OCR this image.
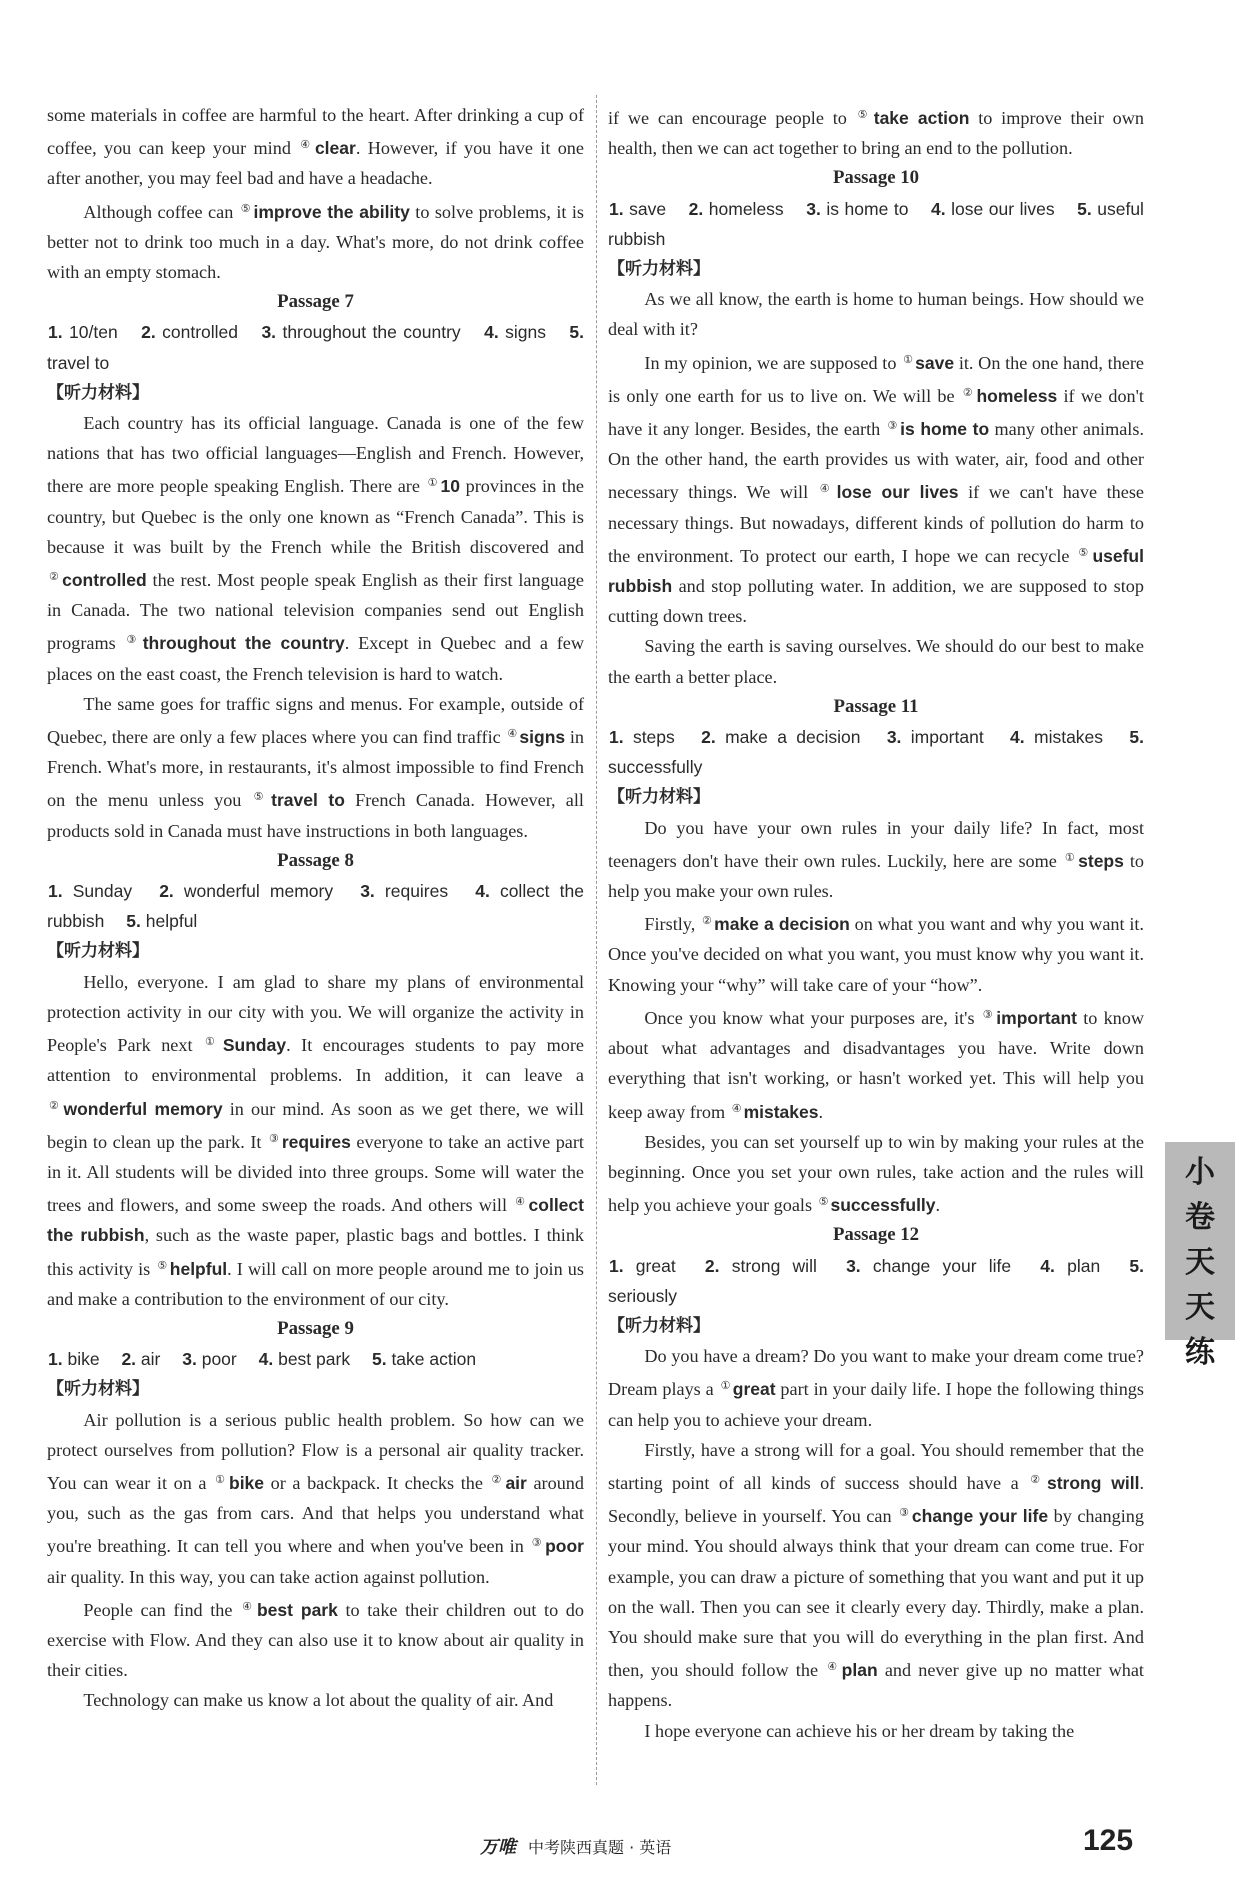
some materials in coffee are harmful to the heart. After drinking a cup of coffee, you can keep your mind ④ clear. However, if you have it one after another, you may feel bad and have a headache.

Although coffee can ⑤ improve the ability to solve problems, it is better not to drink too much in a day. What's more, do not drink coffee with an empty stomach.

Passage 7

1. 10/ten 2. controlled 3. throughout the country 4. signs 5. travel to

【听力材料】

Each country has its official language. Canada is one of the few nations that has two official languages—English and French. However, there are more people speaking English. There are ① 10 provinces in the country, but Quebec is the only one known as “French Canada”. This is because it was built by the French while the British discovered and ② controlled the rest. Most people speak English as their first language in Canada. The two national television companies send out English programs ③ throughout the country. Except in Quebec and a few places on the east coast, the French television is hard to watch.

The same goes for traffic signs and menus. For example, outside of Quebec, there are only a few places where you can find traffic ④ signs in French. What's more, in restaurants, it's almost impossible to find French on the menu unless you ⑤ travel to French Canada. However, all products sold in Canada must have instructions in both languages.

Passage 8

1. Sunday 2. wonderful memory 3. requires 4. collect the rubbish 5. helpful

【听力材料】

Hello, everyone. I am glad to share my plans of environmental protection activity in our city with you. We will organize the activity in People's Park next ① Sunday. It encourages students to pay more attention to environmental problems. In addition, it can leave a ② wonderful memory in our mind. As soon as we get there, we will begin to clean up the park. It ③ requires everyone to take an active part in it. All students will be divided into three groups. Some will water the trees and flowers, and some sweep the roads. And others will ④ collect the rubbish, such as the waste paper, plastic bags and bottles. I think this activity is ⑤ helpful. I will call on more people around me to join us and make a contribution to the environment of our city.

Passage 9

1. bike 2. air 3. poor 4. best park 5. take action

【听力材料】

Air pollution is a serious public health problem. So how can we protect ourselves from pollution? Flow is a personal air quality tracker. You can wear it on a ① bike or a backpack. It checks the ② air around you, such as the gas from cars. And that helps you understand what you're breathing. It can tell you where and when you've been in ③ poor air quality. In this way, you can take action against pollution.

People can find the ④ best park to take their children out to do exercise with Flow. And they can also use it to know about air quality in their cities.

Technology can make us know a lot about the quality of air. And

if we can encourage people to ⑤ take action to improve their own health, then we can act together to bring an end to the pollution.

Passage 10

1. save 2. homeless 3. is home to 4. lose our lives 5. useful rubbish

【听力材料】

As we all know, the earth is home to human beings. How should we deal with it?

In my opinion, we are supposed to ① save it. On the one hand, there is only one earth for us to live on. We will be ② homeless if we don't have it any longer. Besides, the earth ③ is home to many other animals. On the other hand, the earth provides us with water, air, food and other necessary things. We will ④ lose our lives if we can't have these necessary things. But nowadays, different kinds of pollution do harm to the environment. To protect our earth, I hope we can recycle ⑤ useful rubbish and stop polluting water. In addition, we are supposed to stop cutting down trees.

Saving the earth is saving ourselves. We should do our best to make the earth a better place.

Passage 11

1. steps 2. make a decision 3. important 4. mistakes 5. successfully

【听力材料】

Do you have your own rules in your daily life? In fact, most teenagers don't have their own rules. Luckily, here are some ① steps to help you make your own rules.

Firstly, ② make a decision on what you want and why you want it. Once you've decided on what you want, you must know why you want it. Knowing your “why” will take care of your “how”.

Once you know what your purposes are, it's ③ important to know about what advantages and disadvantages you have. Write down everything that isn't working, or hasn't worked yet. This will help you keep away from ④ mistakes.

Besides, you can set yourself up to win by making your rules at the beginning. Once you set your own rules, take action and the rules will help you achieve your goals ⑤ successfully.

Passage 12

1. great 2. strong will 3. change your life 4. plan 5. seriously

【听力材料】

Do you have a dream? Do you want to make your dream come true? Dream plays a ① great part in your daily life. I hope the following things can help you to achieve your dream.

Firstly, have a strong will for a goal. You should remember that the starting point of all kinds of success should have a ② strong will. Secondly, believe in yourself. You can ③ change your life by changing your mind. You should always think that your dream can come true. For example, you can draw a picture of something that you want and put it up on the wall. Then you can see it clearly every day. Thirdly, make a plan. You should make sure that you will do everything in the plan first. And then, you should follow the ④ plan and never give up no matter what happens.

I hope everyone can achieve his or her dream by taking the

小
卷
天
天
练
万唯 中考陕西真题 · 英语	125
